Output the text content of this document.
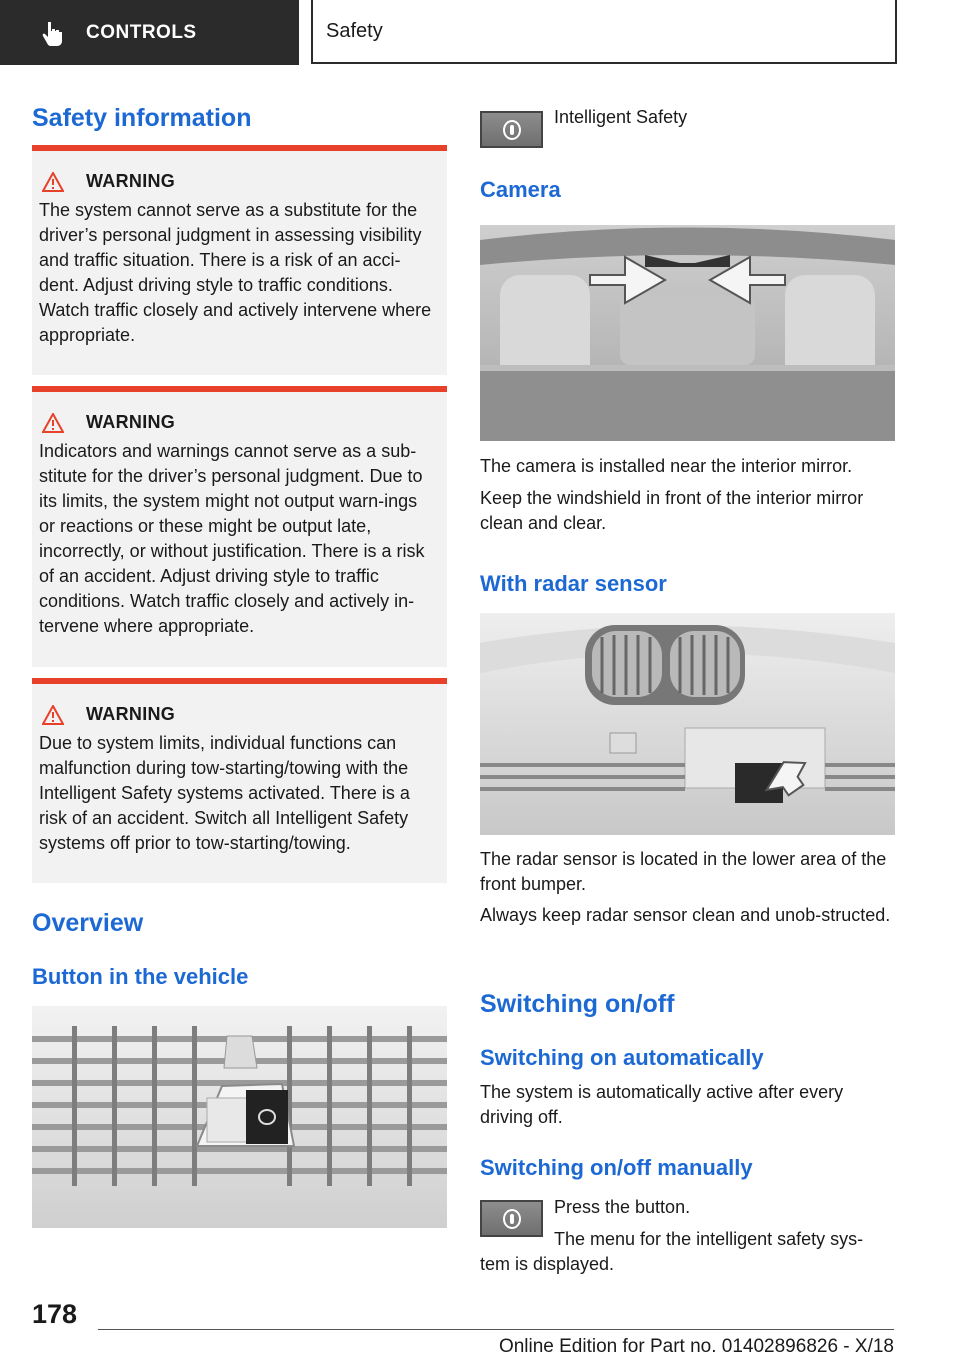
CONTROLS	Safety
Safety information
WARNING
The system cannot serve as a substitute for the driver’s personal judgment in assessing visibility and traffic situation. There is a risk of an acci-dent. Adjust driving style to traffic conditions. Watch traffic closely and actively intervene where appropriate.
WARNING
Indicators and warnings cannot serve as a sub-stitute for the driver’s personal judgment. Due to its limits, the system might not output warn-ings or reactions or these might be output late, incorrectly, or without justification. There is a risk of an accident. Adjust driving style to traffic conditions. Watch traffic closely and actively in-tervene where appropriate.
WARNING
Due to system limits, individual functions can malfunction during tow-starting/towing with the Intelligent Safety systems activated. There is a risk of an accident. Switch all Intelligent Safety systems off prior to tow-starting/towing.
Overview
Button in the vehicle
Intelligent Safety
Camera
The camera is installed near the interior mirror.
Keep the windshield in front of the interior mirror clean and clear.
With radar sensor
The radar sensor is located in the lower area of the front bumper.
Always keep radar sensor clean and unob-structed.
Switching on/off
Switching on automatically
The system is automatically active after every driving off.
Switching on/off manually
Press the button.
The menu for the intelligent safety sys-
tem is displayed.
178
Online Edition for Part no. 01402896826 - X/18
